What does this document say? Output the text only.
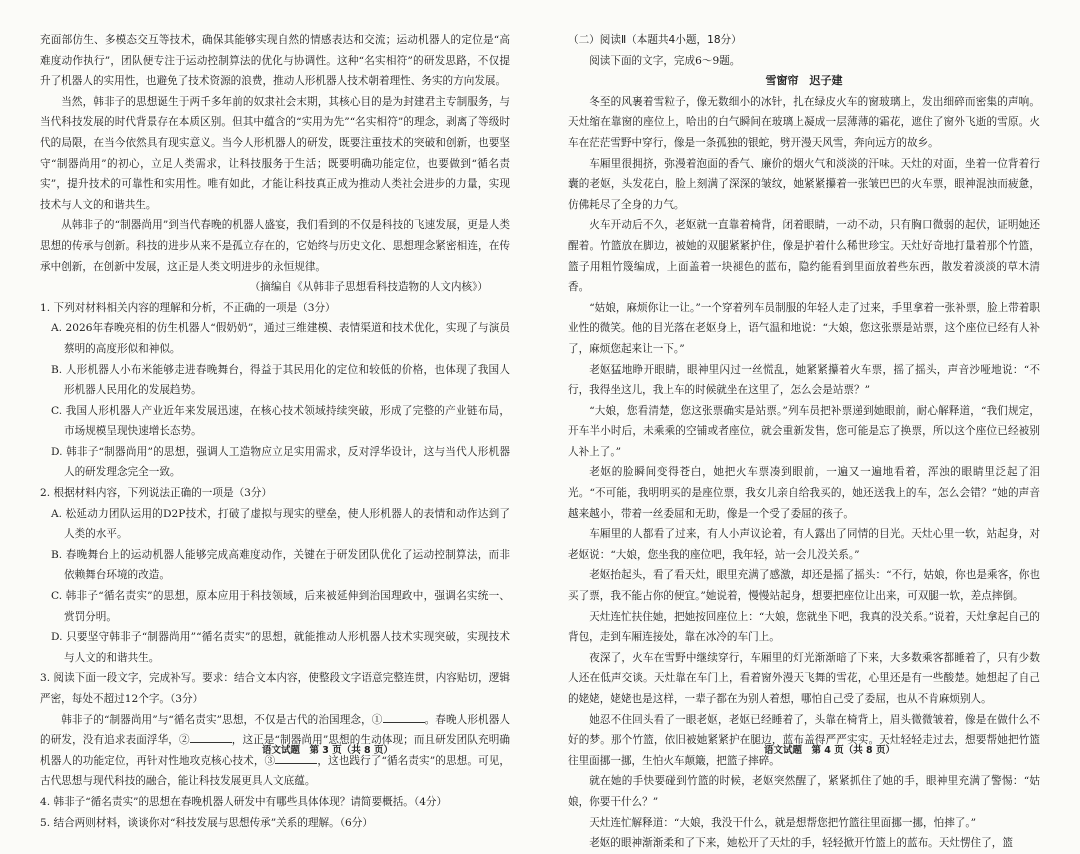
充面部仿生、多模态交互等技术，确保其能够实现自然的情感表达和交流；运动机器人的定位是“高难度动作执行”，团队便专注于运动控制算法的优化与协调性。这种“名实相符”的研发思路，不仅提升了机器人的实用性，也避免了技术资源的浪费，推动人形机器人技术朝着理性、务实的方向发展。

当然，韩非子的思想诞生于两千多年前的奴隶社会末期，其核心目的是为封建君主专制服务，与当代科技发展的时代背景存在本质区别。但其中蕴含的“实用为先”“名实相符”的理念，剥离了等级时代的局限，在当今依然具有现实意义。当今人形机器人的研发，既要注重技术的突破和创新，也要坚守“制器尚用”的初心，立足人类需求，让科技服务于生活；既要明确功能定位，也要做到“循名责实”，提升技术的可靠性和实用性。唯有如此，才能让科技真正成为推动人类社会进步的力量，实现技术与人文的和谐共生。

从韩非子的“制器尚用”到当代春晚的机器人盛宴，我们看到的不仅是科技的飞速发展，更是人类思想的传承与创新。科技的进步从来不是孤立存在的，它始终与历史文化、思想理念紧密相连，在传承中创新，在创新中发展，这正是人类文明进步的永恒规律。

（摘编自《从韩非子思想看科技造物的人文内核》）

1. 下列对材料相关内容的理解和分析，不正确的一项是（3分）

A. 2026年春晚亮相的仿生机器人“假奶奶”，通过三维建模、表情渠道和技术优化，实现了与演员蔡明的高度形似和神似。

B. 人形机器人小布米能够走进春晚舞台，得益于其民用化的定位和较低的价格，也体现了我国人形机器人民用化的发展趋势。

C. 我国人形机器人产业近年来发展迅速，在核心技术领域持续突破，形成了完整的产业链布局，市场规模呈现快速增长态势。

D. 韩非子“制器尚用”的思想，强调人工造物应立足实用需求，反对浮华设计，这与当代人形机器人的研发理念完全一致。

2. 根据材料内容，下列说法正确的一项是（3分）

A. 松延动力团队运用的D2P技术，打破了虚拟与现实的壁垒，使人形机器人的表情和动作达到了人类的水平。

B. 春晚舞台上的运动机器人能够完成高难度动作，关键在于研发团队优化了运动控制算法，而非依赖舞台环境的改造。

C. 韩非子“循名责实”的思想，原本应用于科技领域，后来被延伸到治国理政中，强调名实统一、赏罚分明。

D. 只要坚守韩非子“制器尚用”“循名责实”的思想，就能推动人形机器人技术实现突破，实现技术与人文的和谐共生。

3. 阅读下面一段文字，完成补写。要求：结合文本内容，使整段文字语意完整连贯，内容贴切，逻辑严密，每处不超过12个字。（3分）

韩非子的“制器尚用”与“循名责实”思想，不仅是古代的治国理念，①	。春晚人形机器人的研发，没有追求表面浮华，②	，这正是“制器尚用”思想的生动体现；而且研发团队充明确机器人的功能定位，再针对性地攻克核心技术，③	，这也践行了“循名责实”的思想。可见，古代思想与现代科技的融合，能让科技发展更具人文底蕴。

4. 韩非子“循名责实”的思想在春晚机器人研发中有哪些具体体现？请简要概括。（4分）

5. 结合两则材料，谈谈你对“科技发展与思想传承”关系的理解。（6分）

语文试题　第 3 页（共 8 页）

（二）阅读Ⅱ（本题共4小题，18分）

阅读下面的文字，完成6～9题。

雪窗帘　迟子建

冬至的风裹着雪粒子，像无数细小的冰针，扎在绿皮火车的窗玻璃上，发出细碎而密集的声响。天灶缩在靠窗的座位上，哈出的白气瞬间在玻璃上凝成一层薄薄的霜花，遮住了窗外飞逝的雪原。火车在茫茫雪野中穿行，像是一条孤独的银蛇，劈开漫天风雪，奔向远方的故乡。

车厢里很拥挤，弥漫着泡面的香气、廉价的烟火气和淡淡的汗味。天灶的对面，坐着一位背着行囊的老妪，头发花白，脸上刻满了深深的皱纹，她紧紧攥着一张皱巴巴的火车票，眼神混浊而疲惫，仿佛耗尽了全身的力气。

火车开动后不久，老妪就一直靠着椅背，闭着眼睛，一动不动，只有胸口微弱的起伏，证明她还醒着。竹篮放在脚边，被她的双腿紧紧护住，像是护着什么稀世珍宝。天灶好奇地打量着那个竹篮，篮子用粗竹篾编成，上面盖着一块褪色的蓝布，隐约能看到里面放着些东西，散发着淡淡的草木清香。

“姑娘，麻烦你让一让。”一个穿着列车员制服的年轻人走了过来，手里拿着一张补票，脸上带着职业性的微笑。他的目光落在老妪身上，语气温和地说：“大娘，您这张票是站票，这个座位已经有人补了，麻烦您起来让一下。”

老妪猛地睁开眼睛，眼神里闪过一丝慌乱，她紧紧攥着火车票，摇了摇头，声音沙哑地说：“不行，我得坐这儿，我上车的时候就坐在这里了，怎么会是站票？”

“大娘，您看清楚，您这张票确实是站票。”列车员把补票递到她眼前，耐心解释道，“我们规定，开车半小时后，未乘乘的空铺或者座位，就会重新发售，您可能是忘了换票，所以这个座位已经被别人补上了。”

老妪的脸瞬间变得苍白，她把火车票凑到眼前，一遍又一遍地看着，浑浊的眼睛里泛起了泪光。“不可能，我明明买的是座位票，我女儿亲自给我买的，她还送我上的车，怎么会错？”她的声音越来越小，带着一丝委屈和无助，像是一个受了委屈的孩子。

车厢里的人都看了过来，有人小声议论着，有人露出了同情的目光。天灶心里一软，站起身，对老妪说：“大娘，您坐我的座位吧，我年轻，站一会儿没关系。”

老妪抬起头，看了看天灶，眼里充满了感激，却还是摇了摇头：“不行，姑娘，你也是乘客，你也买了票，我不能占你的便宜。”她说着，慢慢站起身，想要把座位让出来，可双腿一软，差点摔倒。

天灶连忙扶住她，把她按回座位上：“大娘，您就坐下吧，我真的没关系。”说着，天灶拿起自己的背包，走到车厢连接处，靠在冰冷的车门上。

夜深了，火车在雪野中继续穿行，车厢里的灯光渐渐暗了下来，大多数乘客都睡着了，只有少数人还在低声交谈。天灶靠在车门上，看着窗外漫天飞舞的雪花，心里还是有一些酸楚。她想起了自己的姥姥，姥姥也是这样，一辈子都在为别人着想，哪怕自己受了委屈，也从不肯麻烦别人。

她忍不住回头看了一眼老妪，老妪已经睡着了，头靠在椅背上，眉头微微皱着，像是在做什么不好的梦。那个竹篮，依旧被她紧紧护在腿边，蓝布盖得严严实实。天灶轻轻走过去，想要帮她把竹篮往里面挪一挪，生怕火车颠簸，把篮子摔碎。

就在她的手快要碰到竹篮的时候，老妪突然醒了，紧紧抓住了她的手，眼神里充满了警惕：“姑娘，你要干什么？”

天灶连忙解释道：“大娘，我没干什么，就是想帮您把竹篮往里面挪一挪，怕摔了。”

老妪的眼神渐渐柔和了下来，她松开了天灶的手，轻轻掀开竹篮上的蓝布。天灶愣住了，篮

语文试题　第 4 页（共 8 页）
